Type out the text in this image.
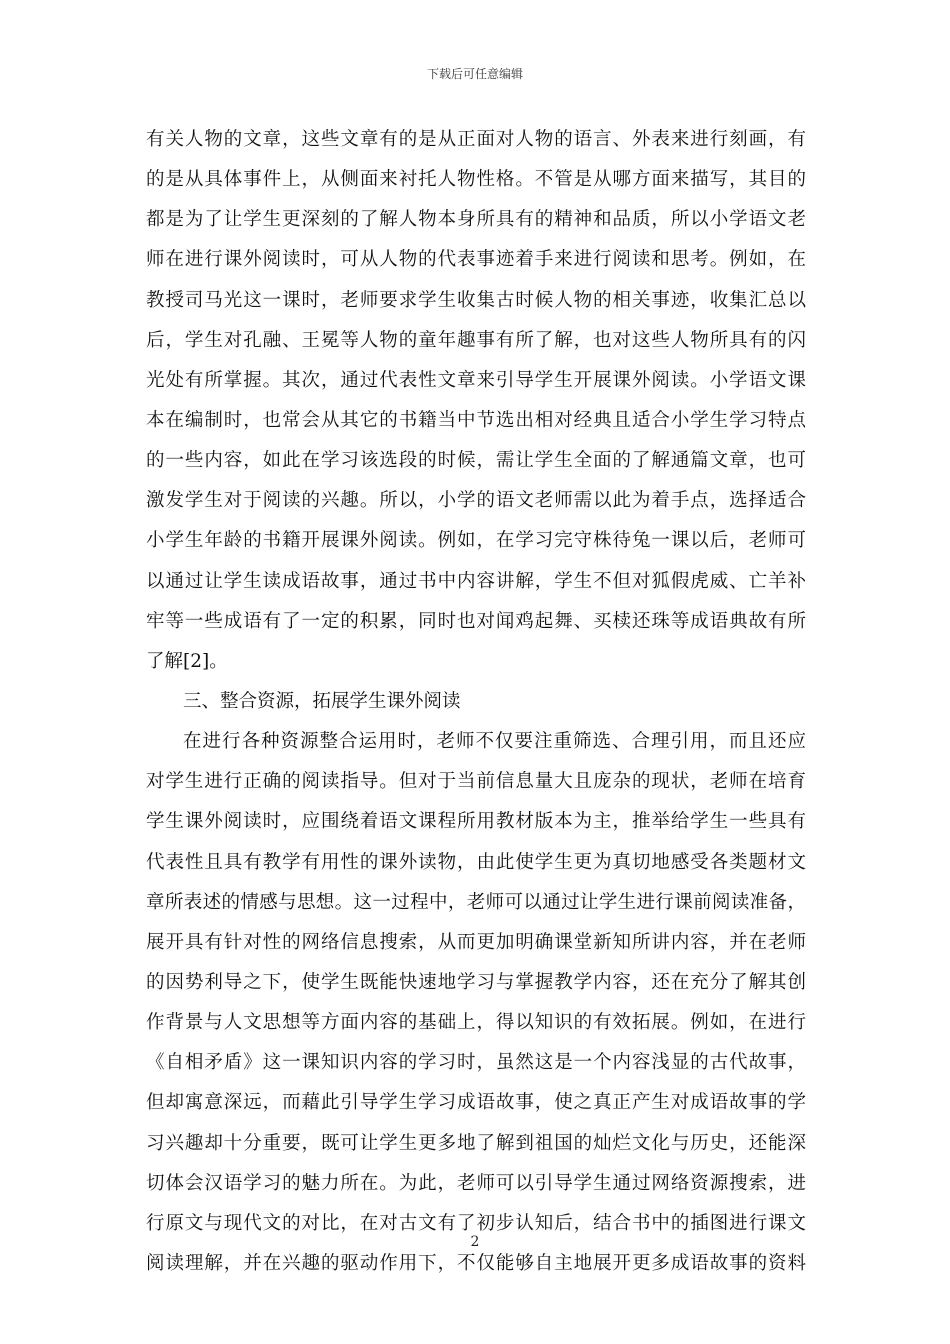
下载后可任意编辑
有关人物的文章，这些文章有的是从正面对人物的语言、外表来进行刻画，有
的是从具体事件上，从侧面来衬托人物性格。不管是从哪方面来描写，其目的
都是为了让学生更深刻的了解人物本身所具有的精神和品质，所以小学语文老
师在进行课外阅读时，可从人物的代表事迹着手来进行阅读和思考。例如，在
教授司马光这一课时，老师要求学生收集古时候人物的相关事迹，收集汇总以
后，学生对孔融、王冕等人物的童年趣事有所了解，也对这些人物所具有的闪
光处有所掌握。其次，通过代表性文章来引导学生开展课外阅读。小学语文课
本在编制时，也常会从其它的书籍当中节选出相对经典且适合小学生学习特点
的一些内容，如此在学习该选段的时候，需让学生全面的了解通篇文章，也可
激发学生对于阅读的兴趣。所以，小学的语文老师需以此为着手点，选择适合
小学生年龄的书籍开展课外阅读。例如，在学习完守株待兔一课以后，老师可
以通过让学生读成语故事，通过书中内容讲解，学生不但对狐假虎威、亡羊补
牢等一些成语有了一定的积累，同时也对闻鸡起舞、买椟还珠等成语典故有所
了解[2]。
三、整合资源，拓展学生课外阅读
在进行各种资源整合运用时，老师不仅要注重筛选、合理引用，而且还应
对学生进行正确的阅读指导。但对于当前信息量大且庞杂的现状，老师在培育
学生课外阅读时，应围绕着语文课程所用教材版本为主，推举给学生一些具有
代表性且具有教学有用性的课外读物，由此使学生更为真切地感受各类题材文
章所表述的情感与思想。这一过程中，老师可以通过让学生进行课前阅读准备，
展开具有针对性的网络信息搜索，从而更加明确课堂新知所讲内容，并在老师
的因势利导之下，使学生既能快速地学习与掌握教学内容，还在充分了解其创
作背景与人文思想等方面内容的基础上，得以知识的有效拓展。例如，在进行
《自相矛盾》这一课知识内容的学习时，虽然这是一个内容浅显的古代故事，
但却寓意深远，而藉此引导学生学习成语故事，使之真正产生对成语故事的学
习兴趣却十分重要，既可让学生更多地了解到祖国的灿烂文化与历史，还能深
切体会汉语学习的魅力所在。为此，老师可以引导学生通过网络资源搜索，进
行原文与现代文的对比，在对古文有了初步认知后，结合书中的插图进行课文
阅读理解，并在兴趣的驱动作用下，不仅能够自主地展开更多成语故事的资料
2
